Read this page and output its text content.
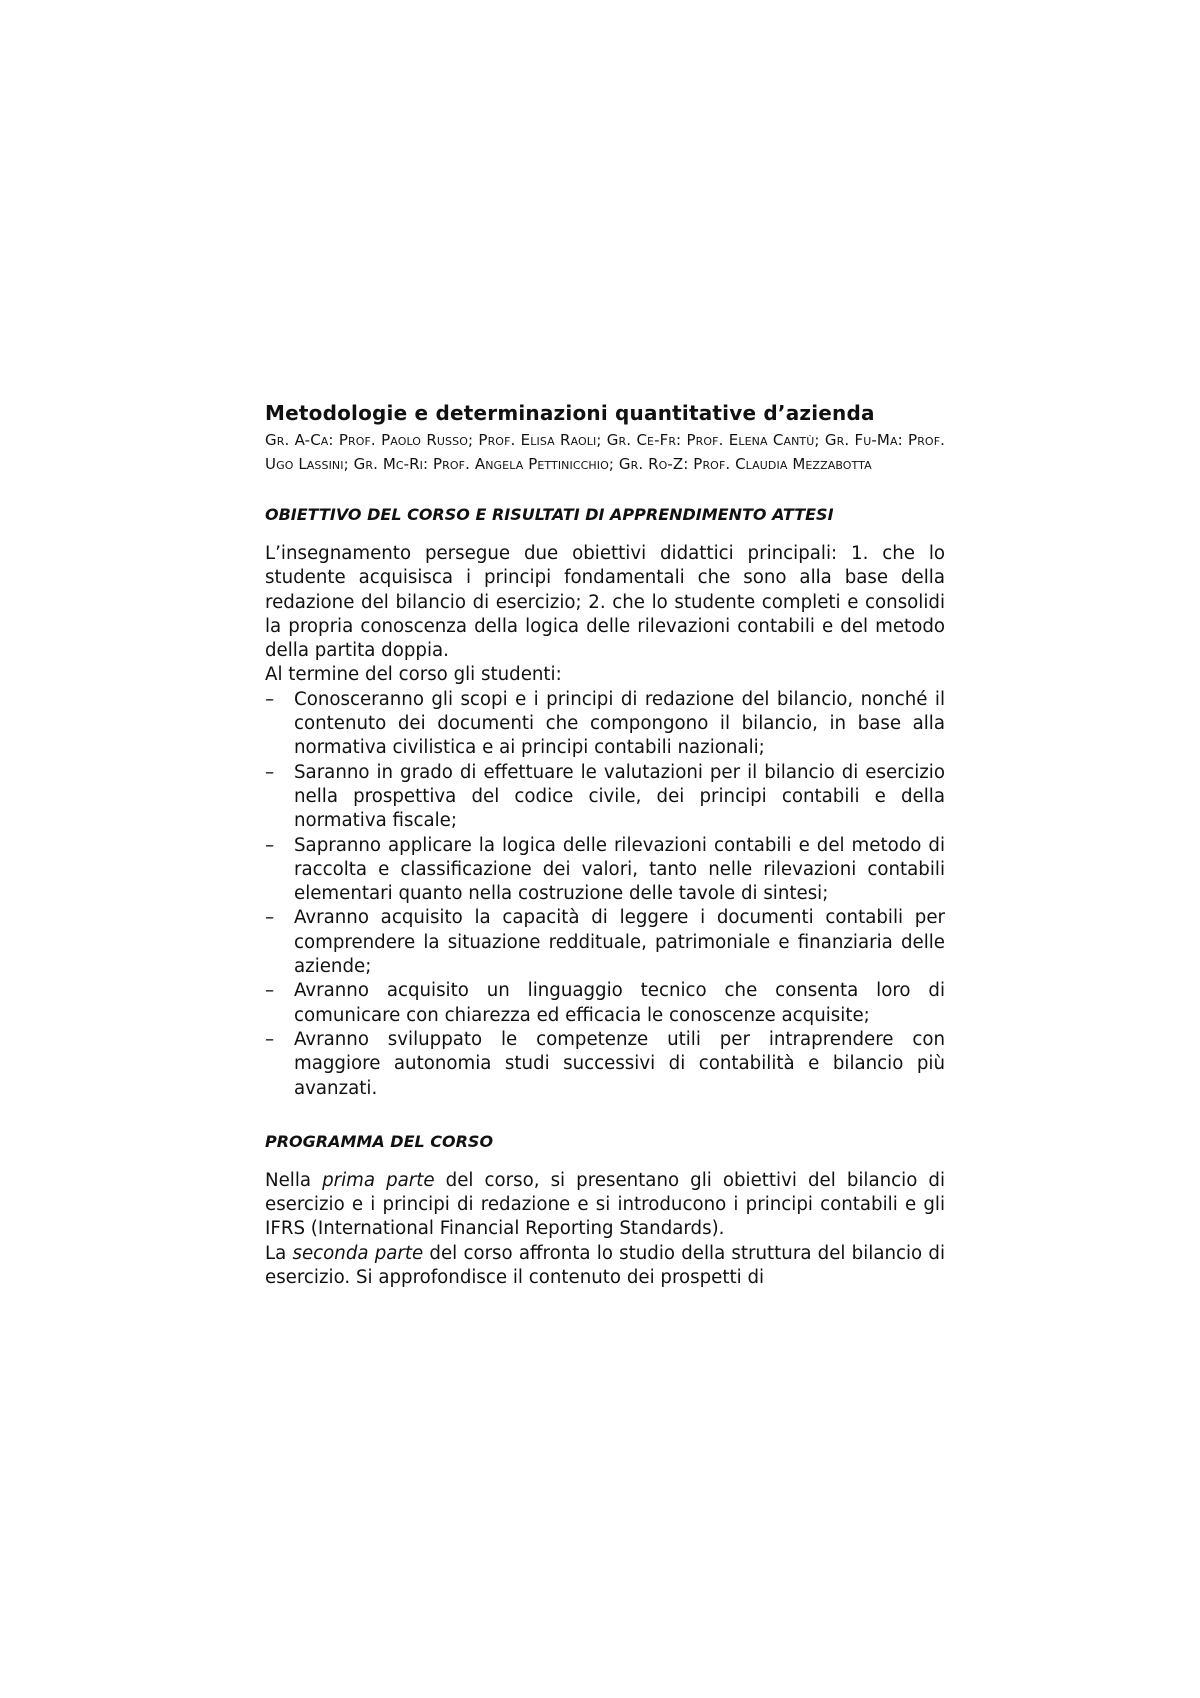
Metodologie e determinazioni quantitative d’azienda

Gr. A-Ca: Prof. Paolo Russo; Prof. Elisa Raoli; Gr. Ce-Fr: Prof. Elena Cantù; Gr. Fu-Ma: Prof. Ugo Lassini; Gr. Mc-Ri: Prof. Angela Pettinicchio; Gr. Ro-Z: Prof. Claudia Mezzabotta

OBIETTIVO DEL CORSO E RISULTATI DI APPRENDIMENTO ATTESI

L’insegnamento persegue due obiettivi didattici principali: 1. che lo studente acquisisca i principi fondamentali che sono alla base della redazione del bilancio di esercizio; 2. che lo studente completi e consolidi la propria conoscenza della logica delle rilevazioni contabili e del metodo della partita doppia.

Al termine del corso gli studenti:

– Conosceranno gli scopi e i principi di redazione del bilancio, nonché il contenuto dei documenti che compongono il bilancio, in base alla normativa civilistica e ai principi contabili nazionali;
– Saranno in grado di effettuare le valutazioni per il bilancio di esercizio nella prospettiva del codice civile, dei principi contabili e della normativa fiscale;
– Sapranno applicare la logica delle rilevazioni contabili e del metodo di raccolta e classificazione dei valori, tanto nelle rilevazioni contabili elementari quanto nella costruzione delle tavole di sintesi;
– Avranno acquisito la capacità di leggere i documenti contabili per comprendere la situazione reddituale, patrimoniale e finanziaria delle aziende;
– Avranno acquisito un linguaggio tecnico che consenta loro di comunicare con chiarezza ed efficacia le conoscenze acquisite;
– Avranno sviluppato le competenze utili per intraprendere con maggiore autonomia studi successivi di contabilità e bilancio più avanzati.
PROGRAMMA DEL CORSO

Nella prima parte del corso, si presentano gli obiettivi del bilancio di esercizio e i principi di redazione e si introducono i principi contabili e gli IFRS (International Financial Reporting Standards).

La seconda parte del corso affronta lo studio della struttura del bilancio di esercizio. Si approfondisce il contenuto dei prospetti di
